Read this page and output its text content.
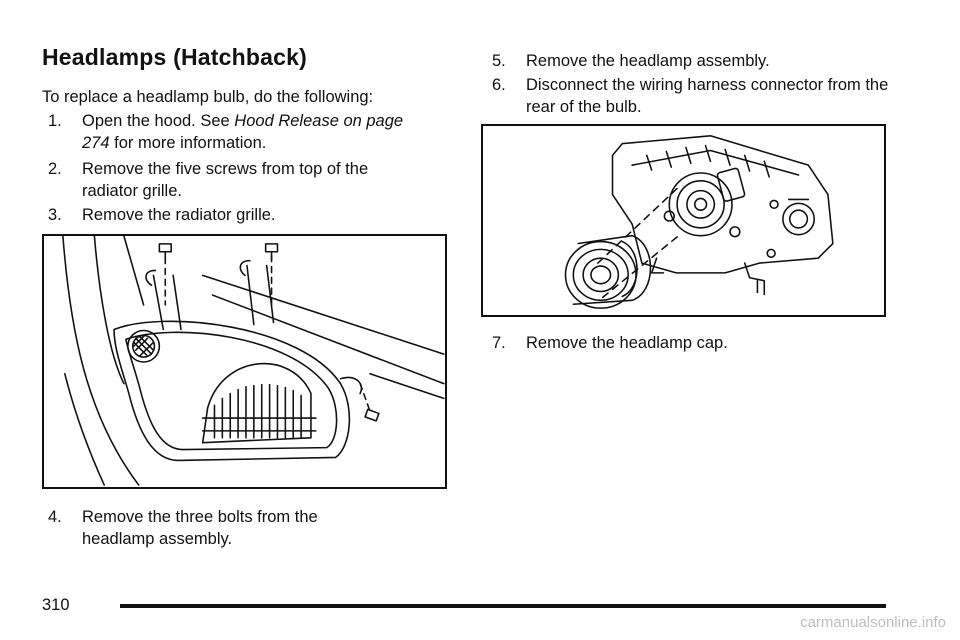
Headlamps (Hatchback)
To replace a headlamp bulb, do the following:
1.	Open the hood. See Hood Release on page 274 for more information.
2.	Remove the five screws from top of the radiator grille.
3.	Remove the radiator grille.
4.	Remove the three bolts from the headlamp assembly.
5.	Remove the headlamp assembly.
6.	Disconnect the wiring harness connector from the rear of the bulb.
7.	Remove the headlamp cap.
310
carmanualsonline.info
